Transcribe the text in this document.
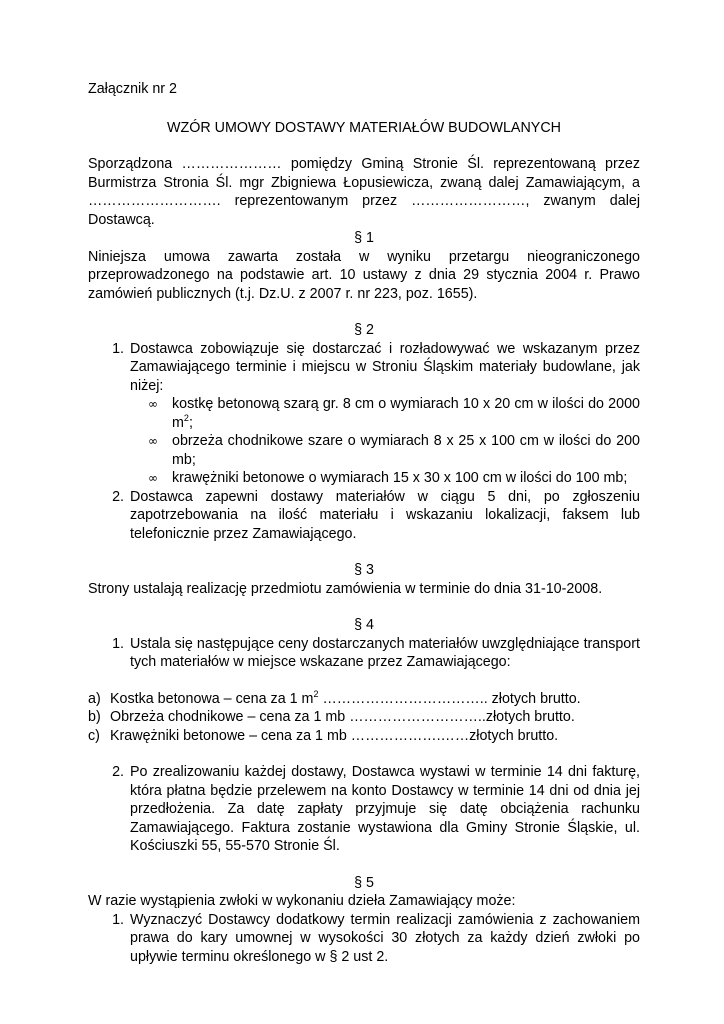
Załącznik nr 2

WZÓR UMOWY DOSTAWY MATERIAŁÓW BUDOWLANYCH

Sporządzona ………………… pomiędzy Gminą Stronie Śl. reprezentowaną przez Burmistrza Stronia Śl. mgr Zbigniewa Łopusiewicza, zwaną dalej Zamawiającym, a ………………………. reprezentowanym przez ……………………, zwanym dalej Dostawcą.

§ 1

Niniejsza umowa zawarta została w wyniku przetargu nieograniczonego przeprowadzonego na podstawie art. 10 ustawy z dnia 29 stycznia 2004 r. Prawo zamówień publicznych (t.j. Dz.U. z 2007 r. nr 223, poz. 1655).

§ 2

1. Dostawca zobowiązuje się dostarczać i rozładowywać we wskazanym przez Zamawiającego terminie i miejscu w Stroniu Śląskim materiały budowlane, jak niżej:
∞ kostkę betonową szarą gr. 8 cm o wymiarach 10 x 20 cm w ilości do 2000 $m^2$;
∞ obrzeża chodnikowe szare o wymiarach 8 x 25 x 100 cm w ilości do 200 mb;
∞ krawężniki betonowe o wymiarach 15 x 30 x 100 cm w ilości do 100 mb;
2. Dostawca zapewni dostawy materiałów w ciągu 5 dni, po zgłoszeniu zapotrzebowania na ilość materiału i wskazaniu lokalizacji, faksem lub telefonicznie przez Zamawiającego.

§ 3

Strony ustalają realizację przedmiotu zamówienia w terminie do dnia 31-10-2008.

§ 4

1. Ustala się następujące ceny dostarczanych materiałów uwzględniające transport tych materiałów w miejsce wskazane przez Zamawiającego:
a) Kostka betonowa – cena za 1 $m^2$ …………………………….. złotych brutto.
b) Obrzeża chodnikowe – cena za 1 mb ………………………..złotych brutto.
c) Krawężniki betonowe – cena za 1 mb ……………….……złotych brutto.
2. Po zrealizowaniu każdej dostawy, Dostawca wystawi w terminie 14 dni fakturę, która płatna będzie przelewem na konto Dostawcy w terminie 14 dni od dnia jej przedłożenia. Za datę zapłaty przyjmuje się datę obciążenia rachunku Zamawiającego. Faktura zostanie wystawiona dla Gminy Stronie Śląskie, ul. Kościuszki 55, 55-570 Stronie Śl.

§ 5

W razie wystąpienia zwłoki w wykonaniu dzieła Zamawiający może:

1. Wyznaczyć Dostawcy dodatkowy termin realizacji zamówienia z zachowaniem prawa do kary umownej w wysokości 30 złotych za każdy dzień zwłoki po upływie terminu określonego w § 2 ust 2.
